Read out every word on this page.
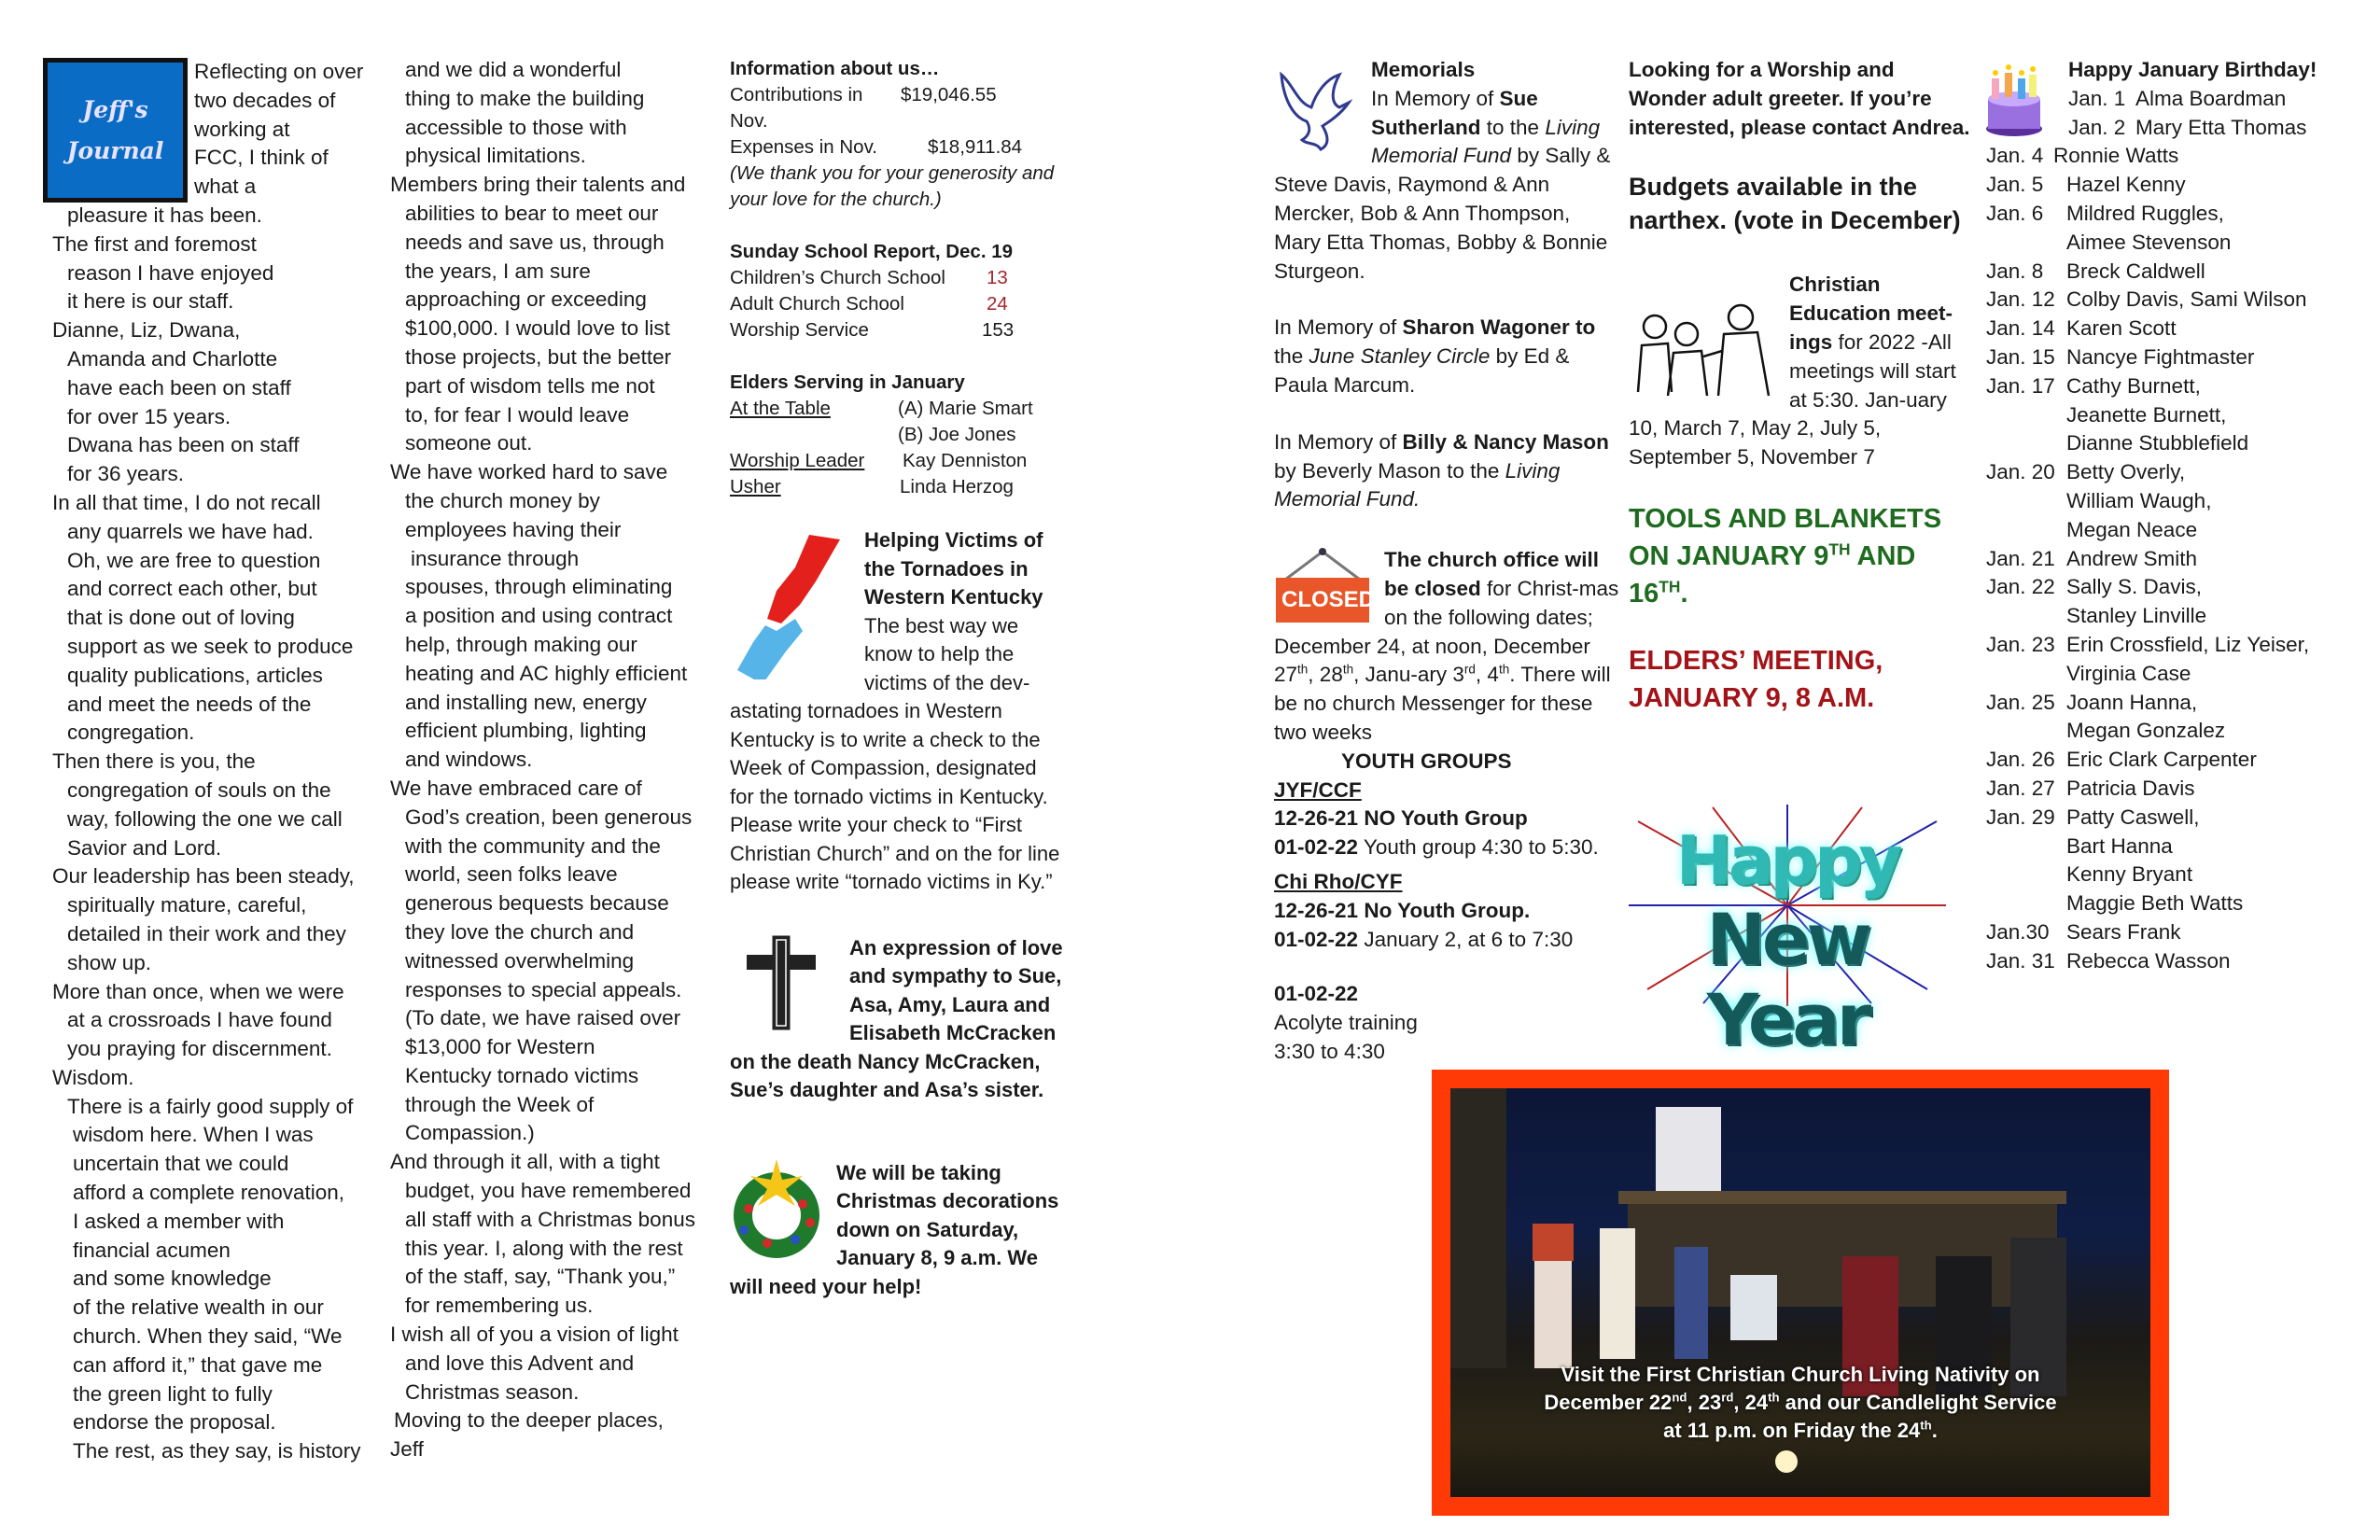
Jeff's
Journal
Reflecting on over
two decades of
working at
FCC, I think of
what a
pleasure it has been.
The first and foremost
reason I have enjoyed
it here is our staff.
Dianne, Liz, Dwana,
Amanda and Charlotte
have each been on staff
for over 15 years.
Dwana has been on staff
for 36 years.
In all that time, I do not recall
any quarrels we have had.
Oh, we are free to question
and correct each other, but
that is done out of loving
support as we seek to produce
quality publications, articles
and meet the needs of the
congregation.
Then there is you, the
congregation of souls on the
way, following the one we call
Savior and Lord.
Our leadership has been steady,
spiritually mature, careful,
detailed in their work and they
show up.
More than once, when we were
at a crossroads I have found
you praying for discernment.
Wisdom.
There is a fairly good supply of
wisdom here. When I was
uncertain that we could
afford a complete renovation,
I asked a member with
financial acumen
and some knowledge
of the relative wealth in our
church. When they said, “We
can afford it,” that gave me
the green light to fully
endorse the proposal.
The rest, as they say, is history
and we did a wonderful
thing to make the building
accessible to those with
physical limitations.
Members bring their talents and
abilities to bear to meet our
needs and save us, through
the years, I am sure
approaching or exceeding
$100,000. I would love to list
those projects, but the better
part of wisdom tells me not
to, for fear I would leave
someone out.
We have worked hard to save
the church money by
employees having their
insurance through
spouses, through eliminating
a position and using contract
help, through making our
heating and AC highly efficient
and installing new, energy
efficient plumbing, lighting
and windows.
We have embraced care of
God’s creation, been generous
with the community and the
world, seen folks leave
generous bequests because
they love the church and
witnessed overwhelming
responses to special appeals.
(To date, we have raised over
$13,000 for Western
Kentucky tornado victims
through the Week of
Compassion.)
And through it all, with a tight
budget, you have remembered
all staff with a Christmas bonus
this year. I, along with the rest
of the staff, say, “Thank you,”
for remembering us.
I wish all of you a vision of light
and love this Advent and
Christmas season.
Moving to the deeper places,
Jeff
Information about us…
Contributions in Nov.
$19,046.55
Expenses in Nov.	$18,911.84
(We thank you for your generosity and your love for the church.)
Sunday School Report, Dec. 19
Children’s Church School	13
Adult Church School	24
Worship Service	153
Elders Serving in January
At the Table	(A) Marie Smart
(B) Joe Jones
Worship Leader	Kay Denniston
Usher	Linda Herzog
Helping Victims of the Tornadoes in Western Kentucky
The best way we know to help the victims of the dev-astating tornadoes in Western Kentucky is to write a check to the Week of Compassion, designated for the tornado victims in Kentucky. Please write your check to “First Christian Church” and on the for line please write “tornado victims in Ky.”
An expression of love and sympathy to Sue, Asa, Amy, Laura and Elisabeth McCracken on the death Nancy McCracken, Sue’s daughter and Asa’s sister.
We will be taking Christmas decorations down on Saturday, January 8, 9 a.m. We will need your help!
Memorials
In Memory of Sue Sutherland to the Living Memorial Fund by Sally & Steve Davis, Raymond & Ann Mercker, Bob & Ann Thompson, Mary Etta Thomas, Bobby & Bonnie Sturgeon.
In Memory of Sharon Wagoner to the June Stanley Circle by Ed & Paula Marcum.
In Memory of Billy & Nancy Mason by Beverly Mason to the Living Memorial Fund.
CLOSED
The church office will be closed for Christ-mas on the following dates; December 24, at noon, December 27th, 28th, Janu-ary 3rd, 4th. There will be no church Messenger for these two weeks
YOUTH GROUPS
JYF/CCF
12-26-21 NO Youth Group
01-02-22 Youth group 4:30 to 5:30.
Chi Rho/CYF
12-26-21 No Youth Group.
01-02-22 January 2, at 6 to 7:30
01-02-22
Acolyte training
3:30 to 4:30
Looking for a Worship and Wonder adult greeter. If you’re interested, please contact Andrea.
Budgets available in the narthex. (vote in December)
Christian Education meet-ings for 2022 -All meetings will start at 5:30. Jan-uary 10, March 7, May 2, July 5, September 5, November 7
TOOLS AND BLANKETS ON JANUARY 9TH AND 16TH.
ELDERS’ MEETING, JANUARY 9, 8 A.M.
Happy
New Year
Happy January Birthday!
Jan. 1 Alma Boardman
Jan. 2 Mary Etta Thomas
Jan. 4 Ronnie Watts
Jan. 5	Hazel Kenny
Jan. 6	Mildred Ruggles,
Aimee Stevenson
Jan. 8	Breck Caldwell
Jan. 12 Colby Davis, Sami Wilson
Jan. 14 Karen Scott
Jan. 15 Nancye Fightmaster
Jan. 17 Cathy Burnett,
Jeanette Burnett,
Dianne Stubblefield
Jan. 20 Betty Overly,
William Waugh,
Megan Neace
Jan. 21 Andrew Smith
Jan. 22 Sally S. Davis,
Stanley Linville
Jan. 23 Erin Crossfield, Liz Yeiser,
Virginia Case
Jan. 25 Joann Hanna,
Megan Gonzalez
Jan. 26 Eric Clark Carpenter
Jan. 27 Patricia Davis
Jan. 29 Patty Caswell,
Bart Hanna
Kenny Bryant
Maggie Beth Watts
Jan.30 Sears Frank
Jan. 31 Rebecca Wasson
Visit the First Christian Church Living Nativity on
December 22nd, 23rd, 24th and our Candlelight Service
at 11 p.m. on Friday the 24th.
